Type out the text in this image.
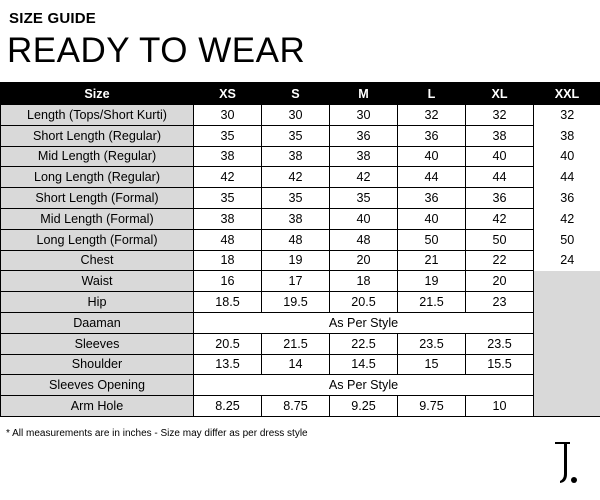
SIZE GUIDE
READY TO WEAR
Size	XS	S	M	L	XL	XXL
Length (Tops/Short Kurti)	30	30	30	32	32	32
Short Length (Regular)	35	35	36	36	38	38
Mid Length (Regular)	38	38	38	40	40	40
Long Length (Regular)	42	42	42	44	44	44
Short Length (Formal)	35	35	35	36	36	36
Mid Length (Formal)	38	38	40	40	42	42
Long Length (Formal)	48	48	48	50	50	50
Chest	18	19	20	21	22	24
Waist	16	17	18	19	20	
Hip	18.5	19.5	20.5	21.5	23	
Daaman	As Per Style					
Sleeves	20.5	21.5	22.5	23.5	23.5	
Shoulder	13.5	14	14.5	15	15.5	
Sleeves Opening	As Per Style					
Arm Hole	8.25	8.75	9.25	9.75	10	
* All measurements are in inches - Size may differ as per dress style
